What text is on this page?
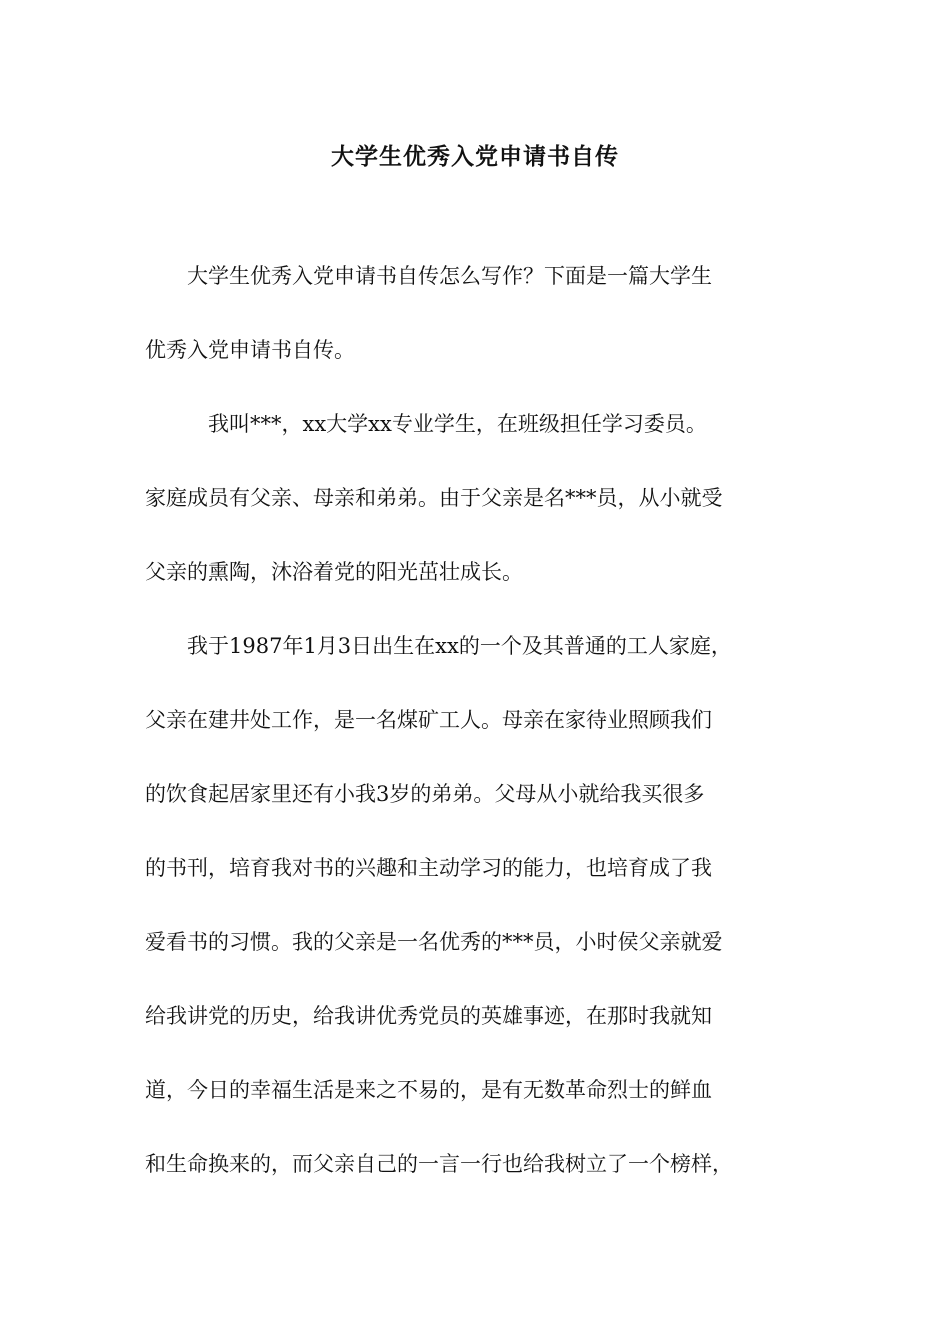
大学生优秀入党申请书自传
　　大学生优秀入党申请书自传怎么写作？下面是一篇大学生
优秀入党申请书自传。
　　　我叫***，xx大学xx专业学生，在班级担任学习委员。
家庭成员有父亲、母亲和弟弟。由于父亲是名***员，从小就受
父亲的熏陶，沐浴着党的阳光茁壮成长。
　　我于1987年1月3日出生在xx的一个及其普通的工人家庭，
父亲在建井处工作，是一名煤矿工人。母亲在家待业照顾我们
的饮食起居家里还有小我3岁的弟弟。父母从小就给我买很多
的书刊，培育我对书的兴趣和主动学习的能力，也培育成了我
爱看书的习惯。我的父亲是一名优秀的***员，小时侯父亲就爱
给我讲党的历史，给我讲优秀党员的英雄事迹，在那时我就知
道，今日的幸福生活是来之不易的，是有无数革命烈士的鲜血
和生命换来的，而父亲自己的一言一行也给我树立了一个榜样，
